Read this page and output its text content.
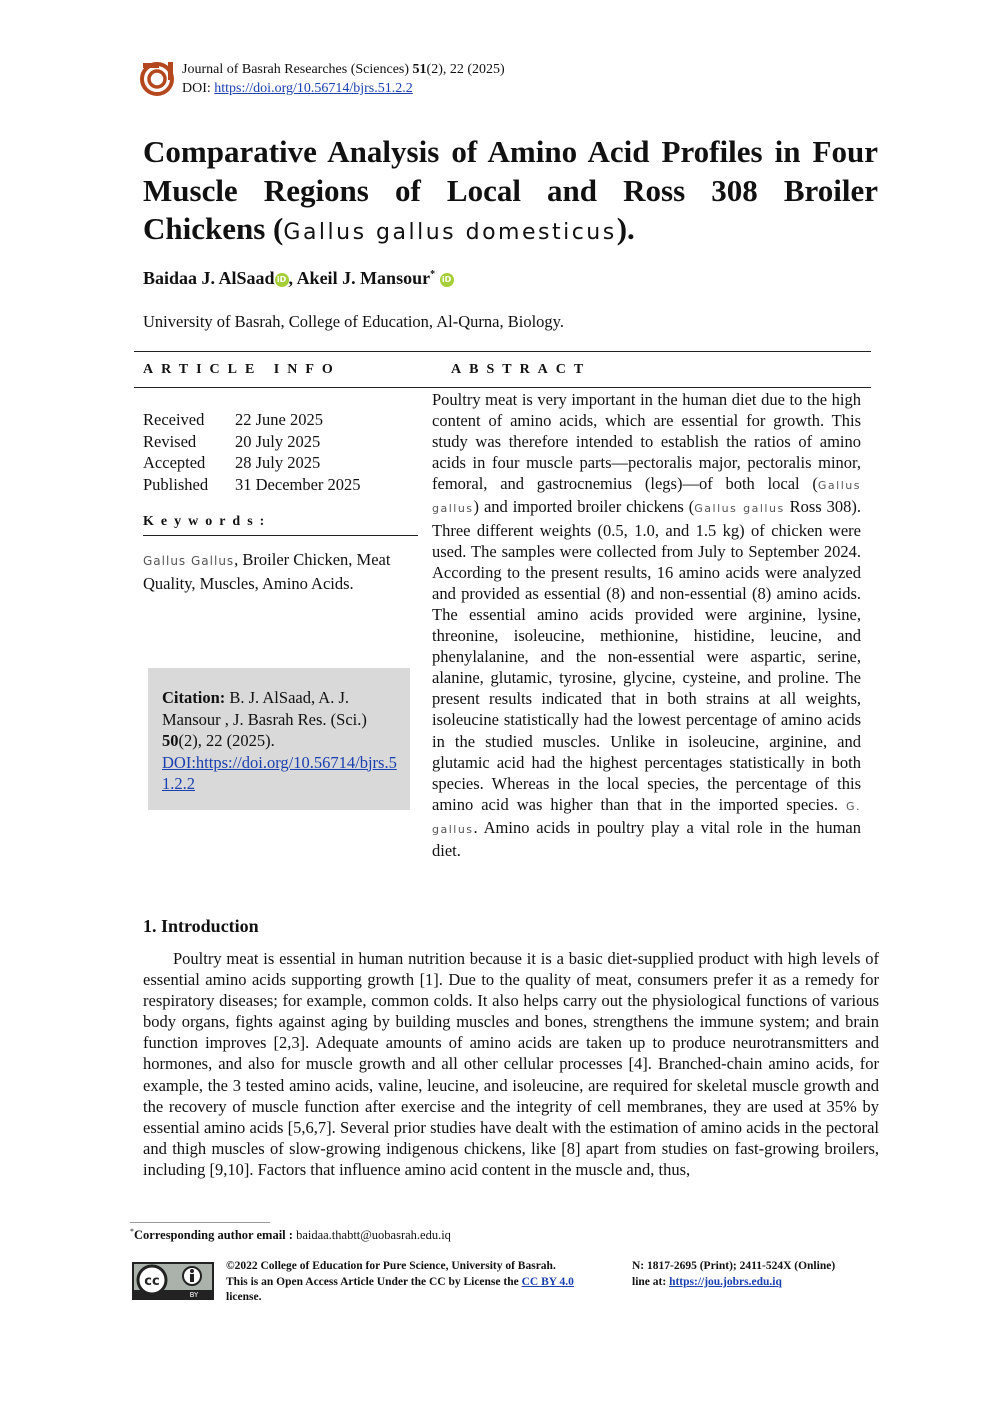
Journal of Basrah Researches (Sciences) 51(2), 22 (2025)
DOI: https://doi.org/10.56714/bjrs.51.2.2
Comparative Analysis of Amino Acid Profiles in Four Muscle Regions of Local and Ross 308 Broiler Chickens (Gallus gallus domesticus).
Baidaa J. AlSaad iD , Akeil J. Mansour* iD
University of Basrah, College of Education, Al-Qurna, Biology.
ARTICLE INFO	ABSTRACT
Received 22 June 2025
Revised 20 July 2025
Accepted 28 July 2025
Published 31 December 2025
Keywords:
Gallus Gallus, Broiler Chicken, Meat Quality, Muscles, Amino Acids.
Citation: B. J. AlSaad, A. J. Mansour , J. Basrah Res. (Sci.) 50(2), 22 (2025).
DOI:https://doi.org/10.56714/bjrs.51.2.2
Poultry meat is very important in the human diet due to the high content of amino acids, which are essential for growth. This study was therefore intended to establish the ratios of amino acids in four muscle parts—pectoralis major, pectoralis minor, femoral, and gastrocnemius (legs)—of both local (Gallus gallus) and imported broiler chickens (Gallus gallus Ross 308). Three different weights (0.5, 1.0, and 1.5 kg) of chicken were used. The samples were collected from July to September 2024. According to the present results, 16 amino acids were analyzed and provided as essential (8) and non-essential (8) amino acids. The essential amino acids provided were arginine, lysine, threonine, isoleucine, methionine, histidine, leucine, and phenylalanine, and the non-essential were aspartic, serine, alanine, glutamic, tyrosine, glycine, cysteine, and proline. The present results indicated that in both strains at all weights, isoleucine statistically had the lowest percentage of amino acids in the studied muscles. Unlike in isoleucine, arginine, and glutamic acid had the highest percentages statistically in both species. Whereas in the local species, the percentage of this amino acid was higher than that in the imported species. G. gallus. Amino acids in poultry play a vital role in the human diet.
1. Introduction
Poultry meat is essential in human nutrition because it is a basic diet-supplied product with high levels of essential amino acids supporting growth [1]. Due to the quality of meat, consumers prefer it as a remedy for respiratory diseases; for example, common colds. It also helps carry out the physiological functions of various body organs, fights against aging by building muscles and bones, strengthens the immune system; and brain function improves [2,3]. Adequate amounts of amino acids are taken up to produce neurotransmitters and hormones, and also for muscle growth and all other cellular processes [4]. Branched-chain amino acids, for example, the 3 tested amino acids, valine, leucine, and isoleucine, are required for skeletal muscle growth and the recovery of muscle function after exercise and the integrity of cell membranes, they are used at 35% by essential amino acids [5,6,7]. Several prior studies have dealt with the estimation of amino acids in the pectoral and thigh muscles of slow-growing indigenous chickens, like [8] apart from studies on fast-growing broilers, including [9,10]. Factors that influence amino acid content in the muscle and, thus,
*Corresponding author email : baidaa.thabtt@uobasrah.edu.iq
cc
BY
©2022 College of Education for Pure Science, University of Basrah. This is an Open Access Article Under the CC by License the CC BY 4.0 license.
N: 1817-2695 (Print); 2411-524X (Online)
line at: https://jou.jobrs.edu.iq
